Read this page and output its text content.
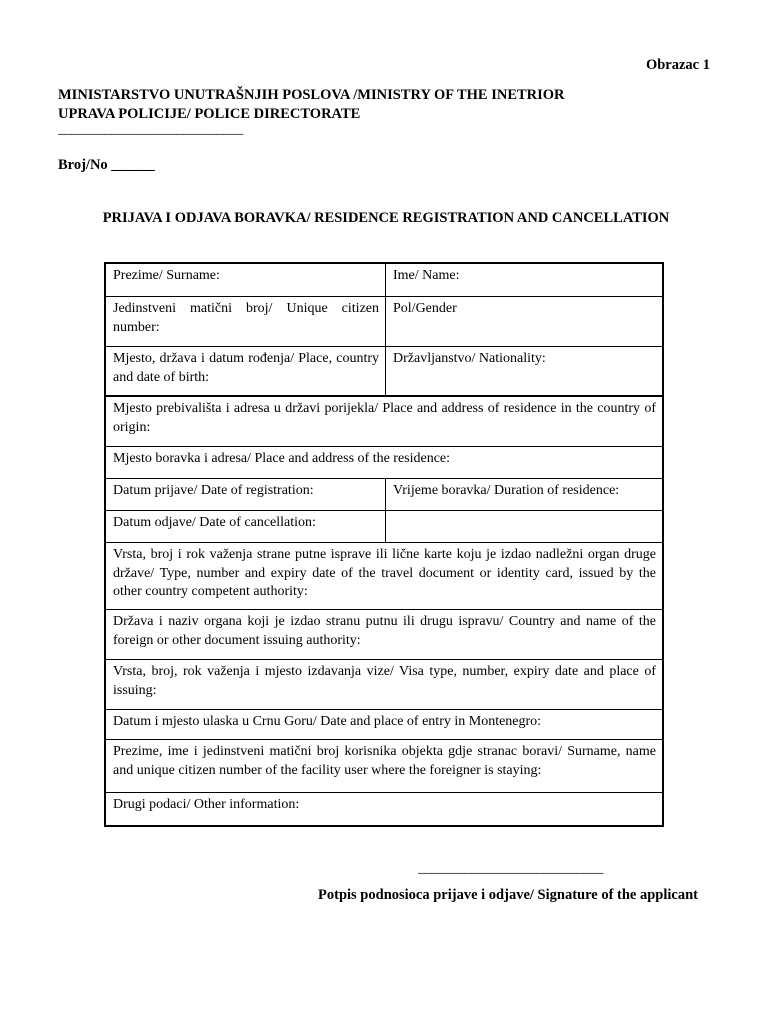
Obrazac 1
MINISTARSTVO UNUTRAŠNJIH POSLOVA /MINISTRY OF THE INETRIOR
UPRAVA POLICIJE/ POLICE DIRECTORATE
____________________________
Broj/No ______
PRIJAVA I ODJAVA BORAVKA/ RESIDENCE REGISTRATION AND CANCELLATION
Prezime/ Surname:	Ime/ Name:
Jedinstveni matični broj/ Unique citizen number:
Pol/Gender
Mjesto, država i datum rođenja/ Place, country and date of birth:
Državljanstvo/ Nationality:
Mjesto prebivališta i adresa u državi porijekla/ Place and address of residence in the country of origin:
Mjesto boravka i adresa/ Place and address of the residence:
Datum prijave/ Date of registration:	Vrijeme boravka/ Duration of residence:
Datum odjave/ Date of cancellation:
Vrsta, broj i rok važenja strane putne isprave ili lične karte koju je izdao nadležni organ druge države/ Type, number and expiry date of the travel document or identity card, issued by the other country competent authority:
Država i naziv organa koji je izdao stranu putnu ili drugu ispravu/ Country and name of the foreign or other document issuing authority:
Vrsta, broj, rok važenja i mjesto izdavanja vize/ Visa type, number, expiry date and place of issuing:
Datum i mjesto ulaska u Crnu Goru/ Date and place of entry in Montenegro:
Prezime, ime i jedinstveni matični broj korisnika objekta gdje stranac boravi/ Surname, name and unique citizen number of the facility user where the foreigner is staying:
Drugi podaci/ Other information:
____________________________
Potpis podnosioca prijave i odjave/ Signature of the applicant
